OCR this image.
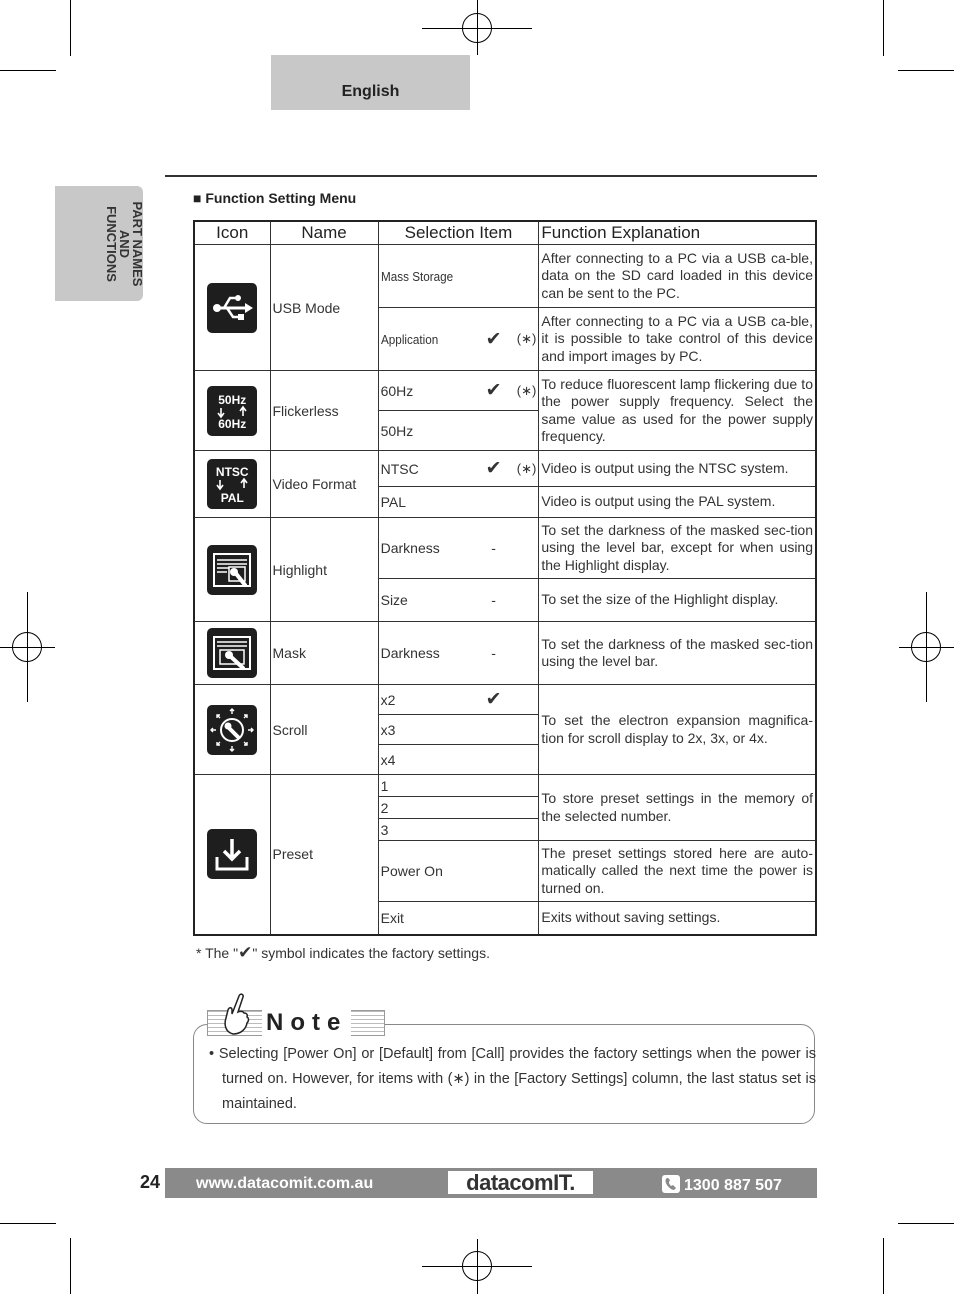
English
PART NAMES
AND
FUNCTIONS
■ Function Setting Menu
Icon	Name	Selection Item	Function Explanation

	USB Mode	Mass Storage	After connecting to a PC via a USB ca-ble, data on the SD card loaded in this device can be sent to the PC.

		Application ✔ (∗)	After connecting to a PC via a USB ca-ble, it is possible to take control of this device and import images by PC.

50Hz
60Hz	Flickerless	60Hz ✔ (∗)	To reduce fluorescent lamp flickering due to the power supply frequency. Select the same value as used for the power supply frequency.

		50Hz	

NTSC
PAL	Video Format	NTSC ✔ (∗)	Video is output using the NTSC system.

		PAL	Video is output using the PAL system.

	Highlight	Darkness -	To set the darkness of the masked sec-tion using the level bar, except for when using the Highlight display.

		Size -	To set the size of the Highlight display.

	Mask	Darkness -	To set the darkness of the masked sec-tion using the level bar.

	Scroll	x2 ✔	To set the electron expansion magnifica-tion for scroll display to 2x, 3x, or 4x.

		x3	

		x4	

	Preset	1	To store preset settings in the memory of the selected number.

		2	

		3	

		Power On	The preset settings stored here are auto-matically called the next time the power is turned on.

		Exit	Exits without saving settings.
* The "✔" symbol indicates the factory settings.
Note
• Selecting [Power On] or [Default] from [Call] provides the factory settings when the power is turned on. However, for items with (∗) in the [Factory Settings] column, the last status set is maintained.
24 www.datacomit.com.au	datacomIT.	1300 887 507
